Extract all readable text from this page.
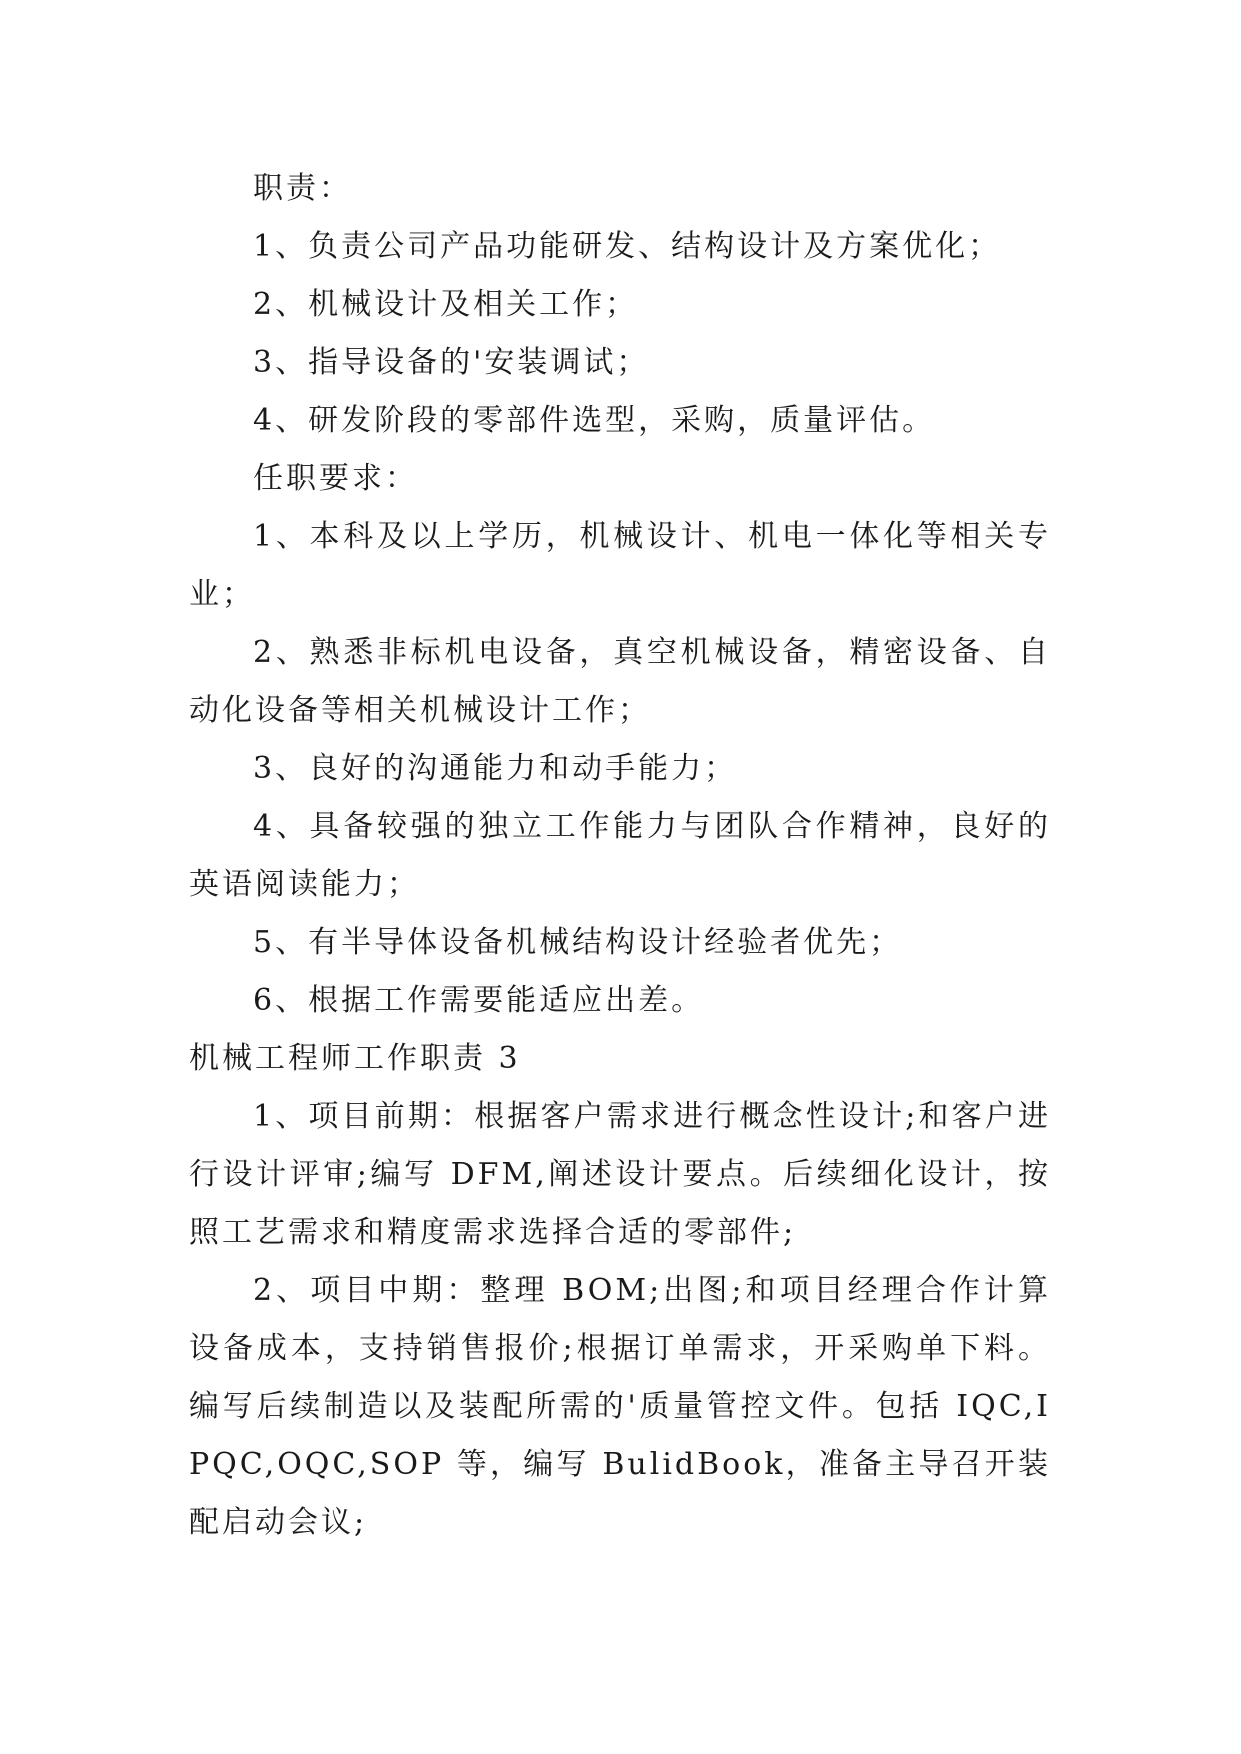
职责：

1、负责公司产品功能研发、结构设计及方案优化；

2、机械设计及相关工作；

3、指导设备的'安装调试；

4、研发阶段的零部件选型，采购，质量评估。

任职要求：

1、本科及以上学历，机械设计、机电一体化等相关专业；

2、熟悉非标机电设备，真空机械设备，精密设备、自动化设备等相关机械设计工作；

3、良好的沟通能力和动手能力；

4、具备较强的独立工作能力与团队合作精神，良好的英语阅读能力；

5、有半导体设备机械结构设计经验者优先；

6、根据工作需要能适应出差。

机械工程师工作职责 3

1、项目前期：根据客户需求进行概念性设计;和客户进行设计评审;编写 DFM,阐述设计要点。后续细化设计，按照工艺需求和精度需求选择合适的零部件;

2、项目中期：整理 BOM;出图;和项目经理合作计算设备成本，支持销售报价;根据订单需求，开采购单下料。编写后续制造以及装配所需的'质量管控文件。包括 IQC,IPQC,OQC,SOP 等，编写 BulidBook，准备主导召开装配启动会议;
